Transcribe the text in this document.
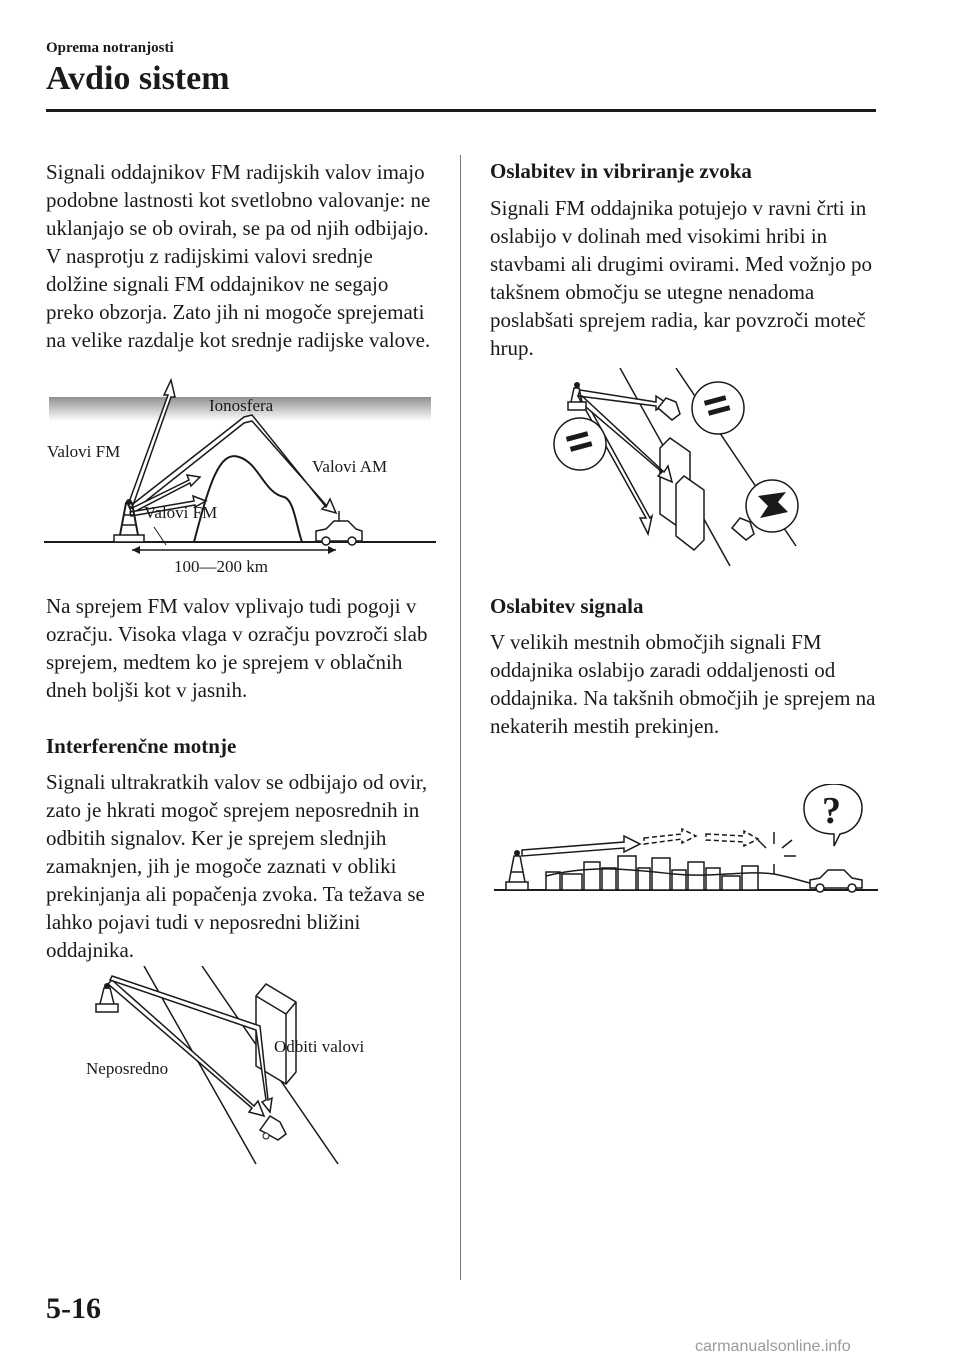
Oprema notranjosti
Avdio sistem

Signali oddajnikov FM radijskih valov imajo podobne lastnosti kot svetlobno valovanje: ne uklanjajo se ob ovirah, se pa od njih odbijajo. V nasprotju z radijskimi valovi srednje dolžine signali FM oddajnikov ne segajo preko obzorja. Zato jih ni mogoče sprejemati na velike razdalje kot srednje radijske valove.

Ionosfera
Valovi FM
Valovi AM
Valovi FM
100—200 km

Na sprejem FM valov vplivajo tudi pogoji v ozračju. Visoka vlaga v ozračju povzroči slab sprejem, medtem ko je sprejem v oblačnih dneh boljši kot v jasnih.

Interferenčne motnje

Signali ultrakratkih valov se odbijajo od ovir, zato je hkrati mogoč sprejem neposrednih in odbitih signalov. Ker je sprejem slednjih zamaknjen, jih je mogoče zaznati v obliki prekinjanja ali popačenja zvoka. Ta težava se lahko pojavi tudi v neposredni bližini oddajnika.

Neposredno
Odbiti valovi
Oslabitev in vibriranje zvoka

Signali FM oddajnika potujejo v ravni črti in oslabijo v dolinah med visokimi hribi in stavbami ali drugimi ovirami. Med vožnjo po takšnem območju se utegne nenadoma poslabšati sprejem radia, kar povzroči moteč hrup.

Oslabitev signala

V velikih mestnih območjih signali FM oddajnika oslabijo zaradi oddaljenosti od oddajnika. Na takšnih območjih je sprejem na nekaterih mestih prekinjen.

?
5-16
carmanualsonline.info
